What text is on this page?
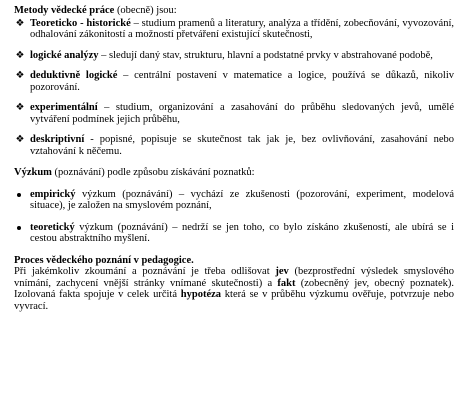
Metody vědecké práce (obecně) jsou:
❖ Teoreticko - historické – studium pramenů a literatury, analýza a třídění, zobecňování, vyvozování, odhalování zákonitostí a možností přetváření existující skutečnosti,
❖ logické analýzy – sledují daný stav, strukturu, hlavní a podstatné prvky v abstrahované podobě,
❖ deduktivně logické – centrální postavení v matematice a logice, používá se důkazů, nikoliv pozorování.
❖ experimentální – studium, organizování a zasahování do průběhu sledovaných jevů, umělé vytváření podmínek jejich průběhu,
❖ deskriptivní - popisné, popisuje se skutečnost tak jak je, bez ovlivňování, zasahování nebo vztahování k něčemu.
Výzkum (poznávání) podle způsobu získávání poznatků:
empirický výzkum (poznávání) – vychází ze zkušenosti (pozorování, experiment, modelová situace), je založen na smyslovém poznání,
teoretický výzkum (poznávání) – nedrží se jen toho, co bylo získáno zkušeností, ale ubírá se i cestou abstraktního myšlení.
Proces vědeckého poznání v pedagogice.

Při jakémkoliv zkoumání a poznávání je třeba odlišovat jev (bezprostřední výsledek smyslového vnímání, zachycení vnější stránky vnímané skutečnosti) a fakt (zobecněný jev, obecný poznatek). Izolovaná fakta spojuje v celek určitá hypotéza která se v průběhu výzkumu ověřuje, potvrzuje nebo vyvrací.
